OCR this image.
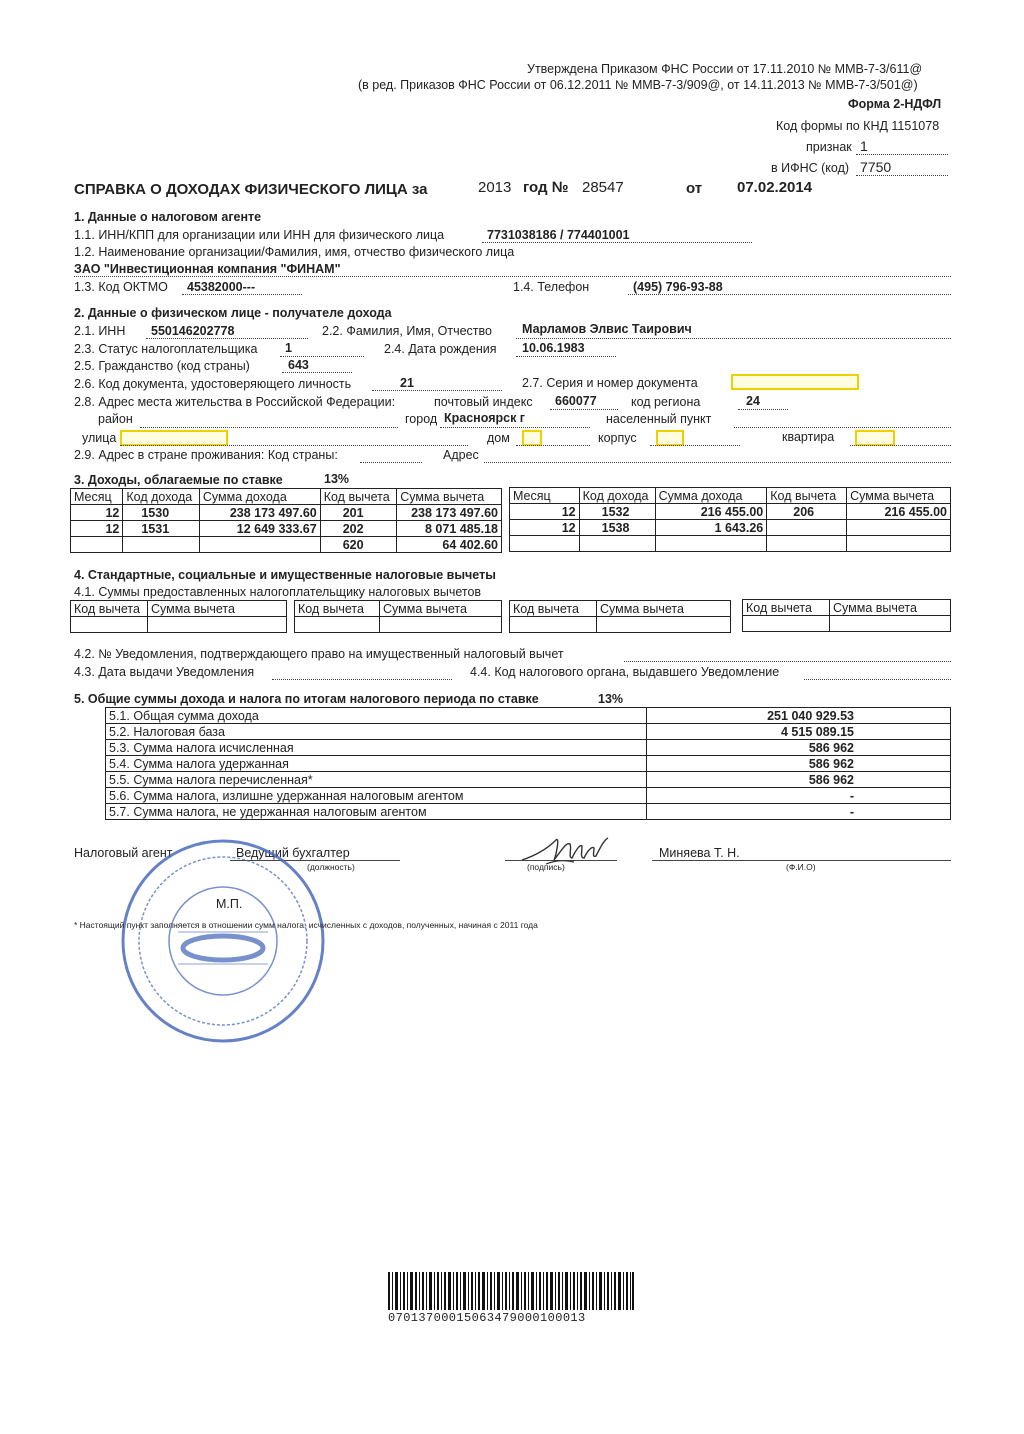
Утверждена Приказом ФНС России от 17.11.2010 № ММВ-7-3/611@
(в ред. Приказов ФНС России от 06.12.2011 № ММВ-7-3/909@, от 14.11.2013 № ММВ-7-3/501@)
Форма 2-НДФЛ
Код формы по КНД 1151078
признак 1
в ИФНС (код) 7750
СПРАВКА О ДОХОДАХ ФИЗИЧЕСКОГО ЛИЦА за	2013 год № 28547	от 07.02.2014
1. Данные о налоговом агенте
1.1. ИНН/КПП для организации или ИНН для физического лица	7731038186 / 774401001
1.2. Наименование организации/Фамилия, имя, отчество физического лица
ЗАО "Инвестиционная компания "ФИНАМ"
1.3. Код ОКТМО 45382000---	1.4. Телефон	(495) 796-93-88
2. Данные о физическом лице - получателе дохода
2.1. ИНН 550146202778	2.2. Фамилия, Имя, Отчество Марламов Элвис Таирович
2.3. Статус налогоплательщика 1	2.4. Дата рождения 10.06.1983
2.5. Гражданство (код страны)	643
2.6. Код документа, удостоверяющего личность	21	2.7. Серия и номер документа
2.8. Адрес места жительства в Российской Федерации:	почтовый индекс 660077	код региона	24
район	город Красноярск г	населенный пункт
улица	дом	корпус	квартира
2.9. Адрес в стране проживания: Код страны:	Адрес
3. Доходы, облагаемые по ставке	13%
Месяц	Код дохода	Сумма дохода	Код вычета	Сумма вычета
12	1530	238 173 497.60	201	238 173 497.60
12	1531	12 649 333.67	202	8 071 485.18
			620	64 402.60
Месяц	Код дохода	Сумма дохода	Код вычета	Сумма вычета
12	1532	216 455.00	206	216 455.00
12	1538	1 643.26		

4. Стандартные, социальные и имущественные налоговые вычеты
4.1. Суммы предоставленных налогоплательщику налоговых вычетов
Код вычета	Сумма вычета
		Код вычета	Сумма вычета
		Код вычета	Сумма вычета
		Код вычета	Сумма вычета

4.2. № Уведомления, подтверждающего право на имущественный налоговый вычет
4.3. Дата выдачи Уведомления	4.4. Код налогового органа, выдавшего Уведомление
5. Общие суммы дохода и налога по итогам налогового периода по ставке	13%
5.1. Общая сумма дохода	251 040 929.53
5.2. Налоговая база	4 515 089.15
5.3. Сумма налога исчисленная	586 962
5.4. Сумма налога удержанная	586 962
5.5. Сумма налога перечисленная*	586 962
5.6. Сумма налога, излишне удержанная налоговым агентом	-
5.7. Сумма налога, не удержанная налоговым агентом	-
Налоговый агент	Ведущий бухгалтер
(должность)	(подпись)
Миняева Т. Н.
(Ф.И.О)
М.П.
* Настоящий пункт заполняется в отношении сумм налога, исчисленных с доходов, полученных, начиная с 2011 года
07013700015063479000100013
